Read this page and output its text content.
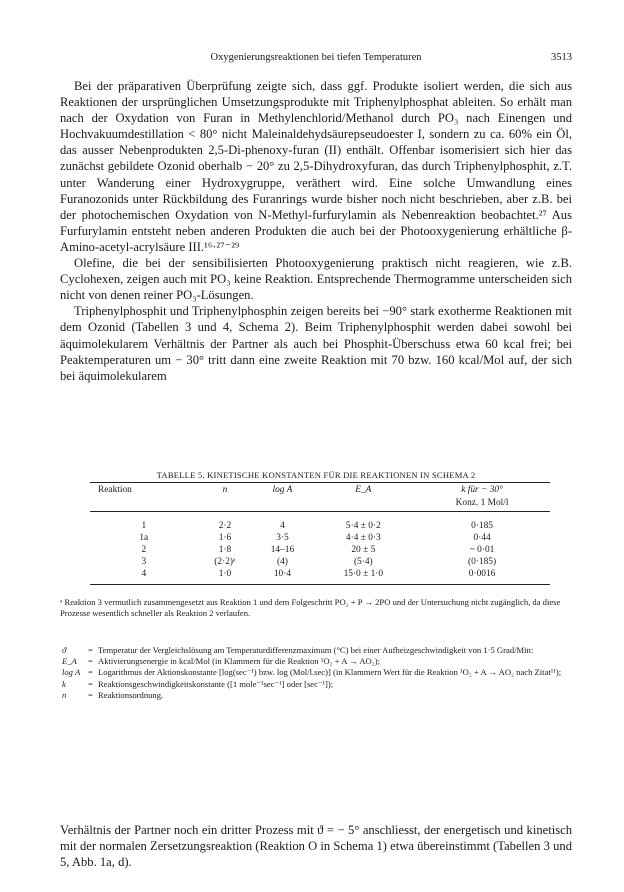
Oxygenierungsreaktionen bei tiefen Temperaturen	3513

Bei der präparativen Überprüfung zeigte sich, dass ggf. Produkte isoliert werden, die sich aus Reaktionen der ursprünglichen Umsetzungsprodukte mit Triphenylphosphat ableiten. So erhält man nach der Oxydation von Furan in Methylenchlorid/Methanol durch PO₃ nach Einengen und Hochvakuumdestillation < 80° nicht Maleinaldehydsäurepseudoester I, sondern zu ca. 60% ein Öl, das ausser Nebenprodukten 2,5-Di-phenoxy-furan (II) enthält. Offenbar isomerisiert sich hier das zunächst gebildete Ozonid oberhalb − 20° zu 2,5-Dihydroxyfuran, das durch Triphenylphosphit, z.T. unter Wanderung einer Hydroxygruppe, veräthert wird. Eine solche Umwandlung eines Furanozonids unter Rückbildung des Furanrings wurde bisher noch nicht beschrieben, aber z.B. bei der photochemischen Oxydation von N-Methyl-furfurylamin als Nebenreaktion beobachtet.²⁷ Aus Furfurylamin entsteht neben anderen Produkten die auch bei der Photooxygenierung erhältliche β-Amino-acetyl-acrylsäure III.¹⁶·²⁷⁻²⁹

Olefine, die bei der sensibilisierten Photooxygenierung praktisch nicht reagieren, wie z.B. Cyclohexen, zeigen auch mit PO₃ keine Reaktion. Entsprechende Thermogramme unterscheiden sich nicht von denen reiner PO₃-Lösungen.

Triphenylphosphit und Triphenylphosphin zeigen bereits bei −90° stark exotherme Reaktionen mit dem Ozonid (Tabellen 3 und 4, Schema 2). Beim Triphenylphosphit werden dabei sowohl bei äquimolekularem Verhältnis der Partner als auch bei Phosphit-Überschuss etwa 60 kcal frei; bei Peaktemperaturen um − 30° tritt dann eine zweite Reaktion mit 70 bzw. 160 kcal/Mol auf, der sich bei äquimolekularem

TABELLE 5. KINETISCHE KONSTANTEN FÜR DIE REAKTIONEN IN SCHEMA 2
Reaktion	n	log A	E_A	k für − 30°
				Konz. 1 Mol/l
1	2·2	4	5·4 ± 0·2	0·185
1a	1·6	3·5	4·4 ± 0·3	0·44
2	1·8	14–16	20 ± 5	~ 0·01
3	(2·2)ᵃ	(4)	(5·4)	(0·185)
4	1·0	10·4	15·0 ± 1·0	0·0016
ᵃ Reaktion 3 vermutlich zusammengesetzt aus Reaktion 1 und dem Folgeschritt PO₂ + P → 2PO und der Untersuchung nicht zugänglich, da diese Prozesse wesentlich schneller als Reaktion 2 verlaufen.
ϑ	= Temperatur der Vergleichslösung am Temperaturdifferenzmaximum (°C) bei einer Aufheizgeschwindigkeit von 1·5 Grad/Min:
E_A	= Aktivierungsenergie in kcal/Mol (in Klammern für die Reaktion ¹O₂ + A → AO₂);
log A = Logarithmus der Aktionskonstante [log(sec⁻¹) bzw. log (Mol/l.sec)] (in Klammern Wert für die Reaktion ¹O₂ + A → AO₂ nach Zitat¹¹);
k	= Reaktionsgeschwindigkeitskonstante ([1 mole⁻¹sec⁻¹] oder [sec⁻¹]);
n	= Reaktionsordnung.

Verhältnis der Partner noch ein dritter Prozess mit ϑ = − 5° anschliesst, der energetisch und kinetisch mit der normalen Zersetzungsreaktion (Reaktion O in Schema 1) etwa übereinstimmt (Tabellen 3 und 5, Abb. 1a, d).
